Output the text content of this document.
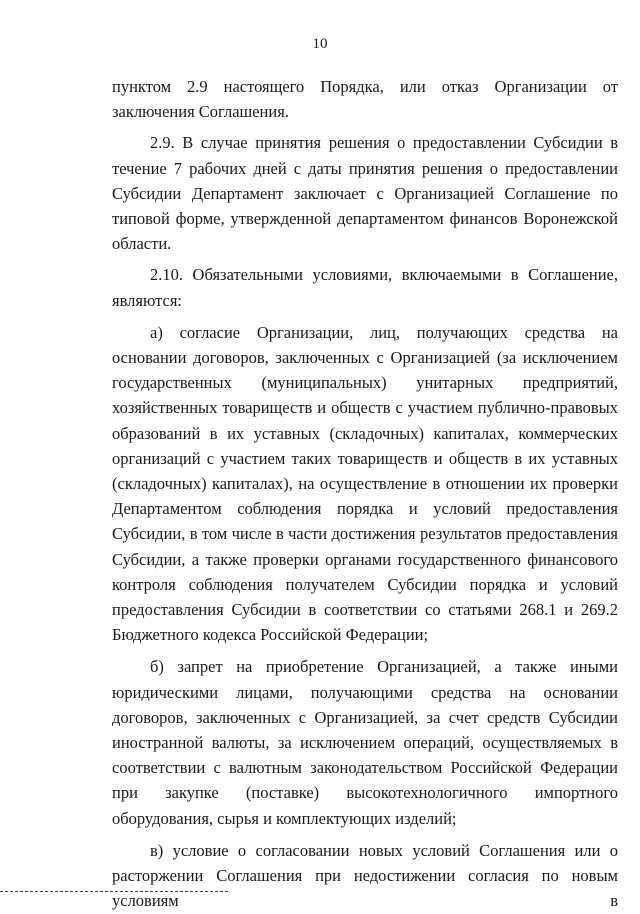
10

пунктом 2.9 настоящего Порядка, или отказ Организации от заключения Соглашения.

2.9. В случае принятия решения о предоставлении Субсидии в течение 7 рабочих дней с даты принятия решения о предоставлении Субсидии Департамент заключает с Организацией Соглашение по типовой форме, утвержденной департаментом финансов Воронежской области.

2.10. Обязательными условиями, включаемыми в Соглашение, являются:

а) согласие Организации, лиц, получающих средства на основании договоров, заключенных с Организацией (за исключением государственных (муниципальных) унитарных предприятий, хозяйственных товариществ и обществ с участием публично-правовых образований в их уставных (складочных) капиталах, коммерческих организаций с участием таких товариществ и обществ в их уставных (складочных) капиталах), на осуществление в отношении их проверки Департаментом соблюдения порядка и условий предоставления Субсидии, в том числе в части достижения результатов предоставления Субсидии, а также проверки органами государственного финансового контроля соблюдения получателем Субсидии порядка и условий предоставления Субсидии в соответствии со статьями 268.1 и 269.2 Бюджетного кодекса Российской Федерации;

б) запрет на приобретение Организацией, а также иными юридическими лицами, получающими средства на основании договоров, заключенных с Организацией, за счет средств Субсидии иностранной валюты, за исключением операций, осуществляемых в соответствии с валютным законодательством Российской Федерации при закупке (поставке) высокотехнологичного импортного оборудования, сырья и комплектующих изделий;

в) условие о согласовании новых условий Соглашения или о расторжении Соглашения при недостижении согласия по новым условиям в
